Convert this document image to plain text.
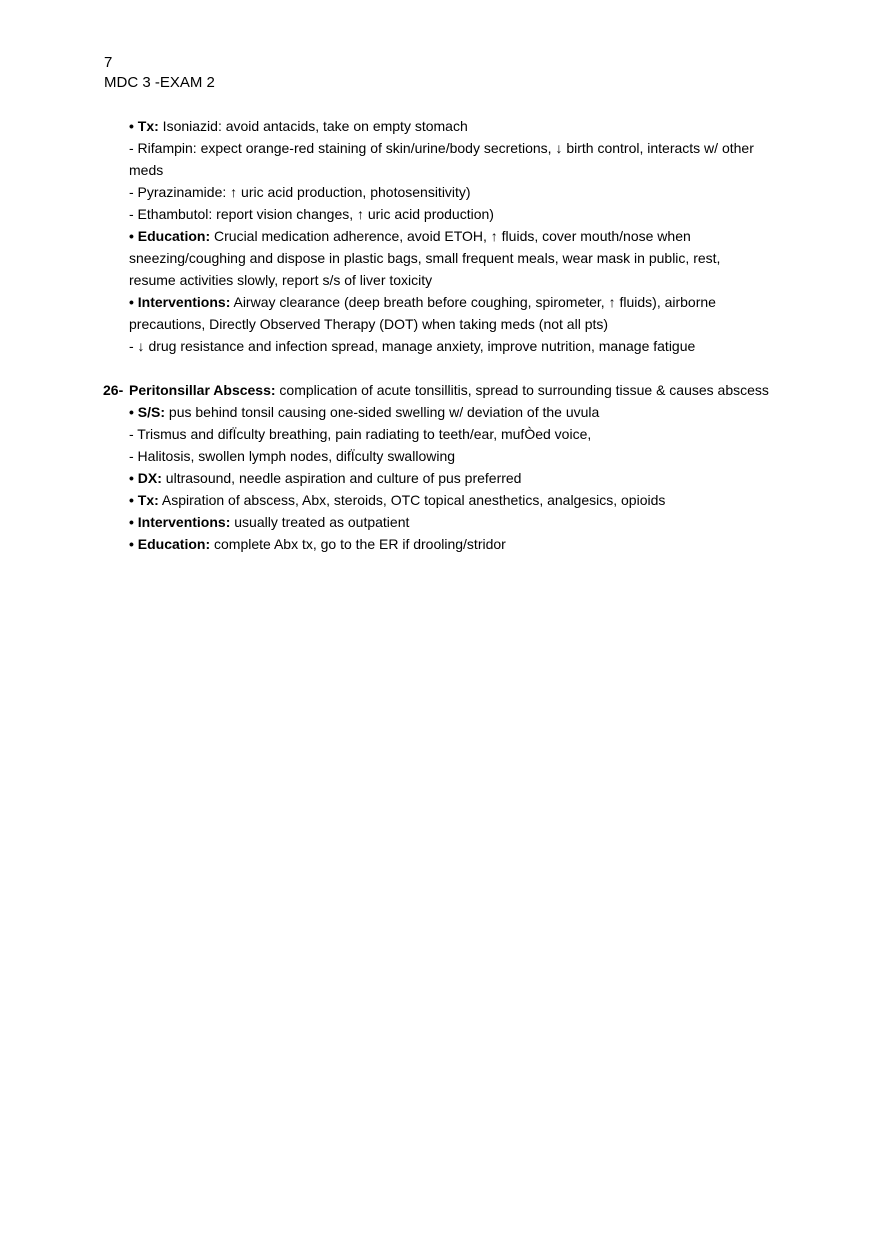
7
MDC 3 -EXAM 2
• Tx: Isoniazid: avoid antacids, take on empty stomach
- Rifampin: expect orange-red staining of skin/urine/body secretions, ↓ birth control, interacts w/ other meds
- Pyrazinamide: ↑ uric acid production, photosensitivity)
- Ethambutol: report vision changes, ↑ uric acid production)
• Education: Crucial medication adherence, avoid ETOH, ↑ fluids, cover mouth/nose when sneezing/coughing and dispose in plastic bags, small frequent meals, wear mask in public, rest, resume activities slowly, report s/s of liver toxicity
• Interventions: Airway clearance (deep breath before coughing, spirometer, ↑ fluids), airborne precautions, Directly Observed Therapy (DOT) when taking meds (not all pts)
- ↓ drug resistance and infection spread, manage anxiety, improve nutrition, manage fatigue
26- Peritonsillar Abscess: complication of acute tonsillitis, spread to surrounding tissue & causes abscess
• S/S: pus behind tonsil causing one-sided swelling w/ deviation of the uvula
- Trismus and difÏculty breathing, pain radiating to teeth/ear, mufÒed voice,
- Halitosis, swollen lymph nodes, difÏculty swallowing
• DX: ultrasound, needle aspiration and culture of pus preferred
• Tx: Aspiration of abscess, Abx, steroids, OTC topical anesthetics, analgesics, opioids
• Interventions: usually treated as outpatient
• Education: complete Abx tx, go to the ER if drooling/stridor
